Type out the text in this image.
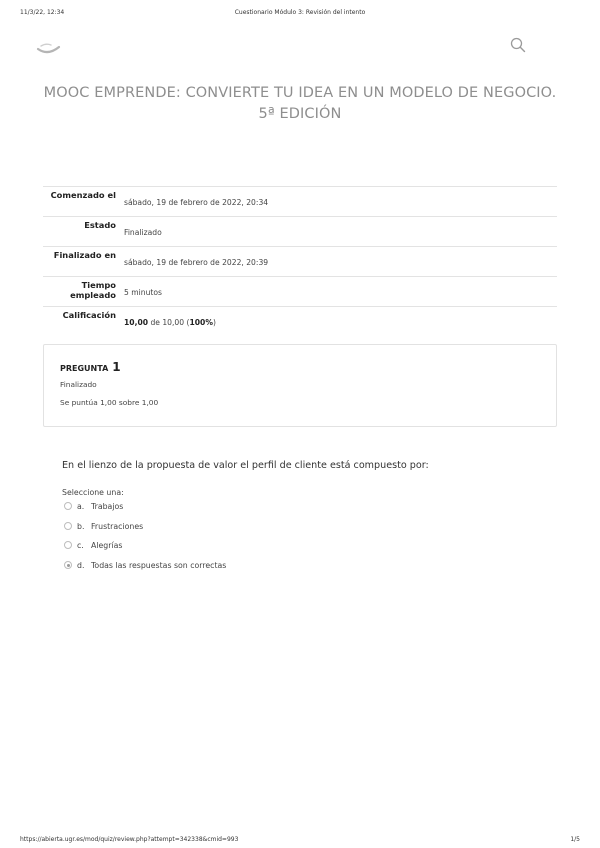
11/3/22, 12:34	Cuestionario Módulo 3: Revisión del intento
MOOC EMPRENDE: CONVIERTE TU IDEA EN UN MODELO DE NEGOCIO. 5ª EDICIÓN
Comenzado el	sábado, 19 de febrero de 2022, 20:34
Estado	Finalizado
Finalizado en	sábado, 19 de febrero de 2022, 20:39
Tiempo empleado	5 minutos
Calificación	10,00 de 10,00 (100%)
PREGUNTA 1
Finalizado
Se puntúa 1,00 sobre 1,00
En el lienzo de la propuesta de valor el perfil de cliente está compuesto por:
Seleccione una:
a. Trabajos
b. Frustraciones
c. Alegrías
d. Todas las respuestas son correctas
https://abierta.ugr.es/mod/quiz/review.php?attempt=342338&cmid=993	1/5
